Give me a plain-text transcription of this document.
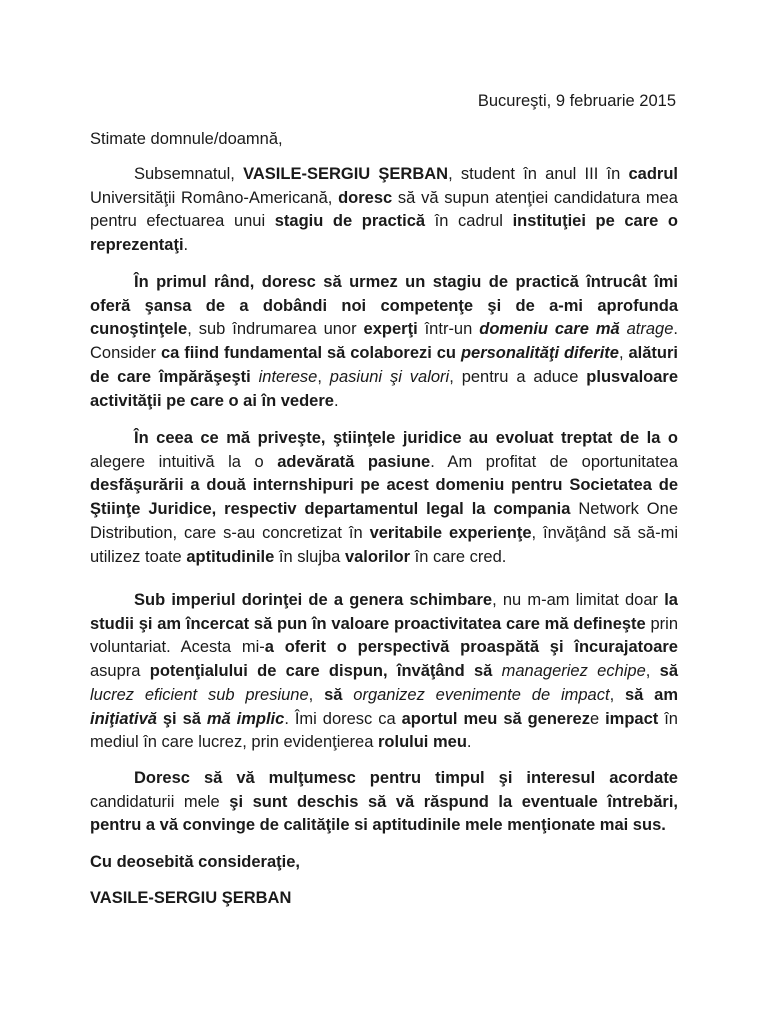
Bucureşti, 9 februarie 2015
Stimate domnule/doamnă,

Subsemnatul, VASILE-SERGIU ŞERBAN, student în anul III în cadrul Universităţii Româno-Americană, doresc să vă supun atenţiei candidatura mea pentru efectuarea unui stagiu de practică în cadrul instituţiei pe care o reprezentaţi.

În primul rând, doresc să urmez un stagiu de practică întrucât îmi oferă şansa de a dobândi noi competenţe şi de a-mi aprofunda cunoştinţele, sub îndrumarea unor experţi într-un domeniu care mă atrage. Consider ca fiind fundamental să colaborezi cu personalităţi diferite, alături de care împărăşeşti interese, pasiuni şi valori, pentru a aduce plusvaloare activităţii pe care o ai în vedere.

În ceea ce mă priveşte, ştiinţele juridice au evoluat treptat de la o alegere intuitivă la o adevărată pasiune. Am profitat de oportunitatea desfăşurării a două internshipuri pe acest domeniu pentru Societatea de Ştiinţe Juridice, respectiv departamentul legal la compania Network One Distribution, care s-au concretizat în veritabile experienţe, învăţând să să-mi utilizez toate aptitudinile în slujba valorilor în care cred.

Sub imperiul dorinţei de a genera schimbare, nu m-am limitat doar la studii şi am încercat să pun în valoare proactivitatea care mă defineşte prin voluntariat. Acesta mi-a oferit o perspectivă proaspătă şi încurajatoare asupra potenţialului de care dispun, învăţând să manageriez echipe, să lucrez eficient sub presiune, să organizez evenimente de impact, să am iniţiativă şi să mă implic. Îmi doresc ca aportul meu să genereze impact în mediul în care lucrez, prin evidenţierea rolului meu.

Doresc să vă mulţumesc pentru timpul şi interesul acordate candidaturii mele şi sunt deschis să vă răspund la eventuale întrebări, pentru a vă convinge de calităţile si aptitudinile mele menţionate mai sus.

Cu deosebită consideraţie,
VASILE-SERGIU ŞERBAN
